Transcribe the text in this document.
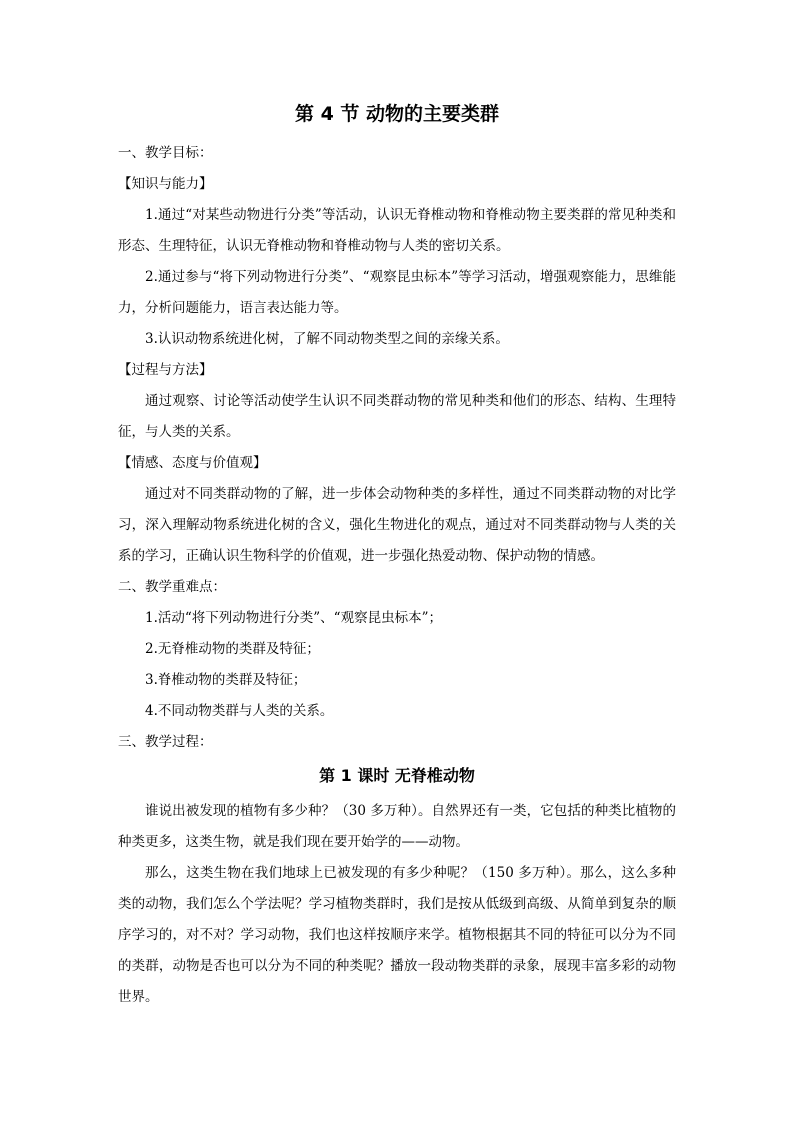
第 4 节 动物的主要类群

一、教学目标：

【知识与能力】

1.通过“对某些动物进行分类”等活动，认识无脊椎动物和脊椎动物主要类群的常见种类和形态、生理特征，认识无脊椎动物和脊椎动物与人类的密切关系。

2.通过参与“将下列动物进行分类”、“观察昆虫标本”等学习活动，增强观察能力，思维能力，分析问题能力，语言表达能力等。

3.认识动物系统进化树，了解不同动物类型之间的亲缘关系。

【过程与方法】

通过观察、讨论等活动使学生认识不同类群动物的常见种类和他们的形态、结构、生理特征，与人类的关系。

【情感、态度与价值观】

通过对不同类群动物的了解，进一步体会动物种类的多样性，通过不同类群动物的对比学习，深入理解动物系统进化树的含义，强化生物进化的观点，通过对不同类群动物与人类的关系的学习，正确认识生物科学的价值观，进一步强化热爱动物、保护动物的情感。

二、教学重难点：

1.活动“将下列动物进行分类”、“观察昆虫标本”；

2.无脊椎动物的类群及特征；

3.脊椎动物的类群及特征；

4.不同动物类群与人类的关系。

三、教学过程：

第 1 课时 无脊椎动物

谁说出被发现的植物有多少种？（30 多万种）。自然界还有一类，它包括的种类比植物的种类更多，这类生物，就是我们现在要开始学的——动物。

那么，这类生物在我们地球上已被发现的有多少种呢？（150 多万种）。那么，这么多种类的动物，我们怎么个学法呢？学习植物类群时，我们是按从低级到高级、从简单到复杂的顺序学习的，对不对？学习动物，我们也这样按顺序来学。植物根据其不同的特征可以分为不同的类群，动物是否也可以分为不同的种类呢？播放一段动物类群的录象，展现丰富多彩的动物世界。
